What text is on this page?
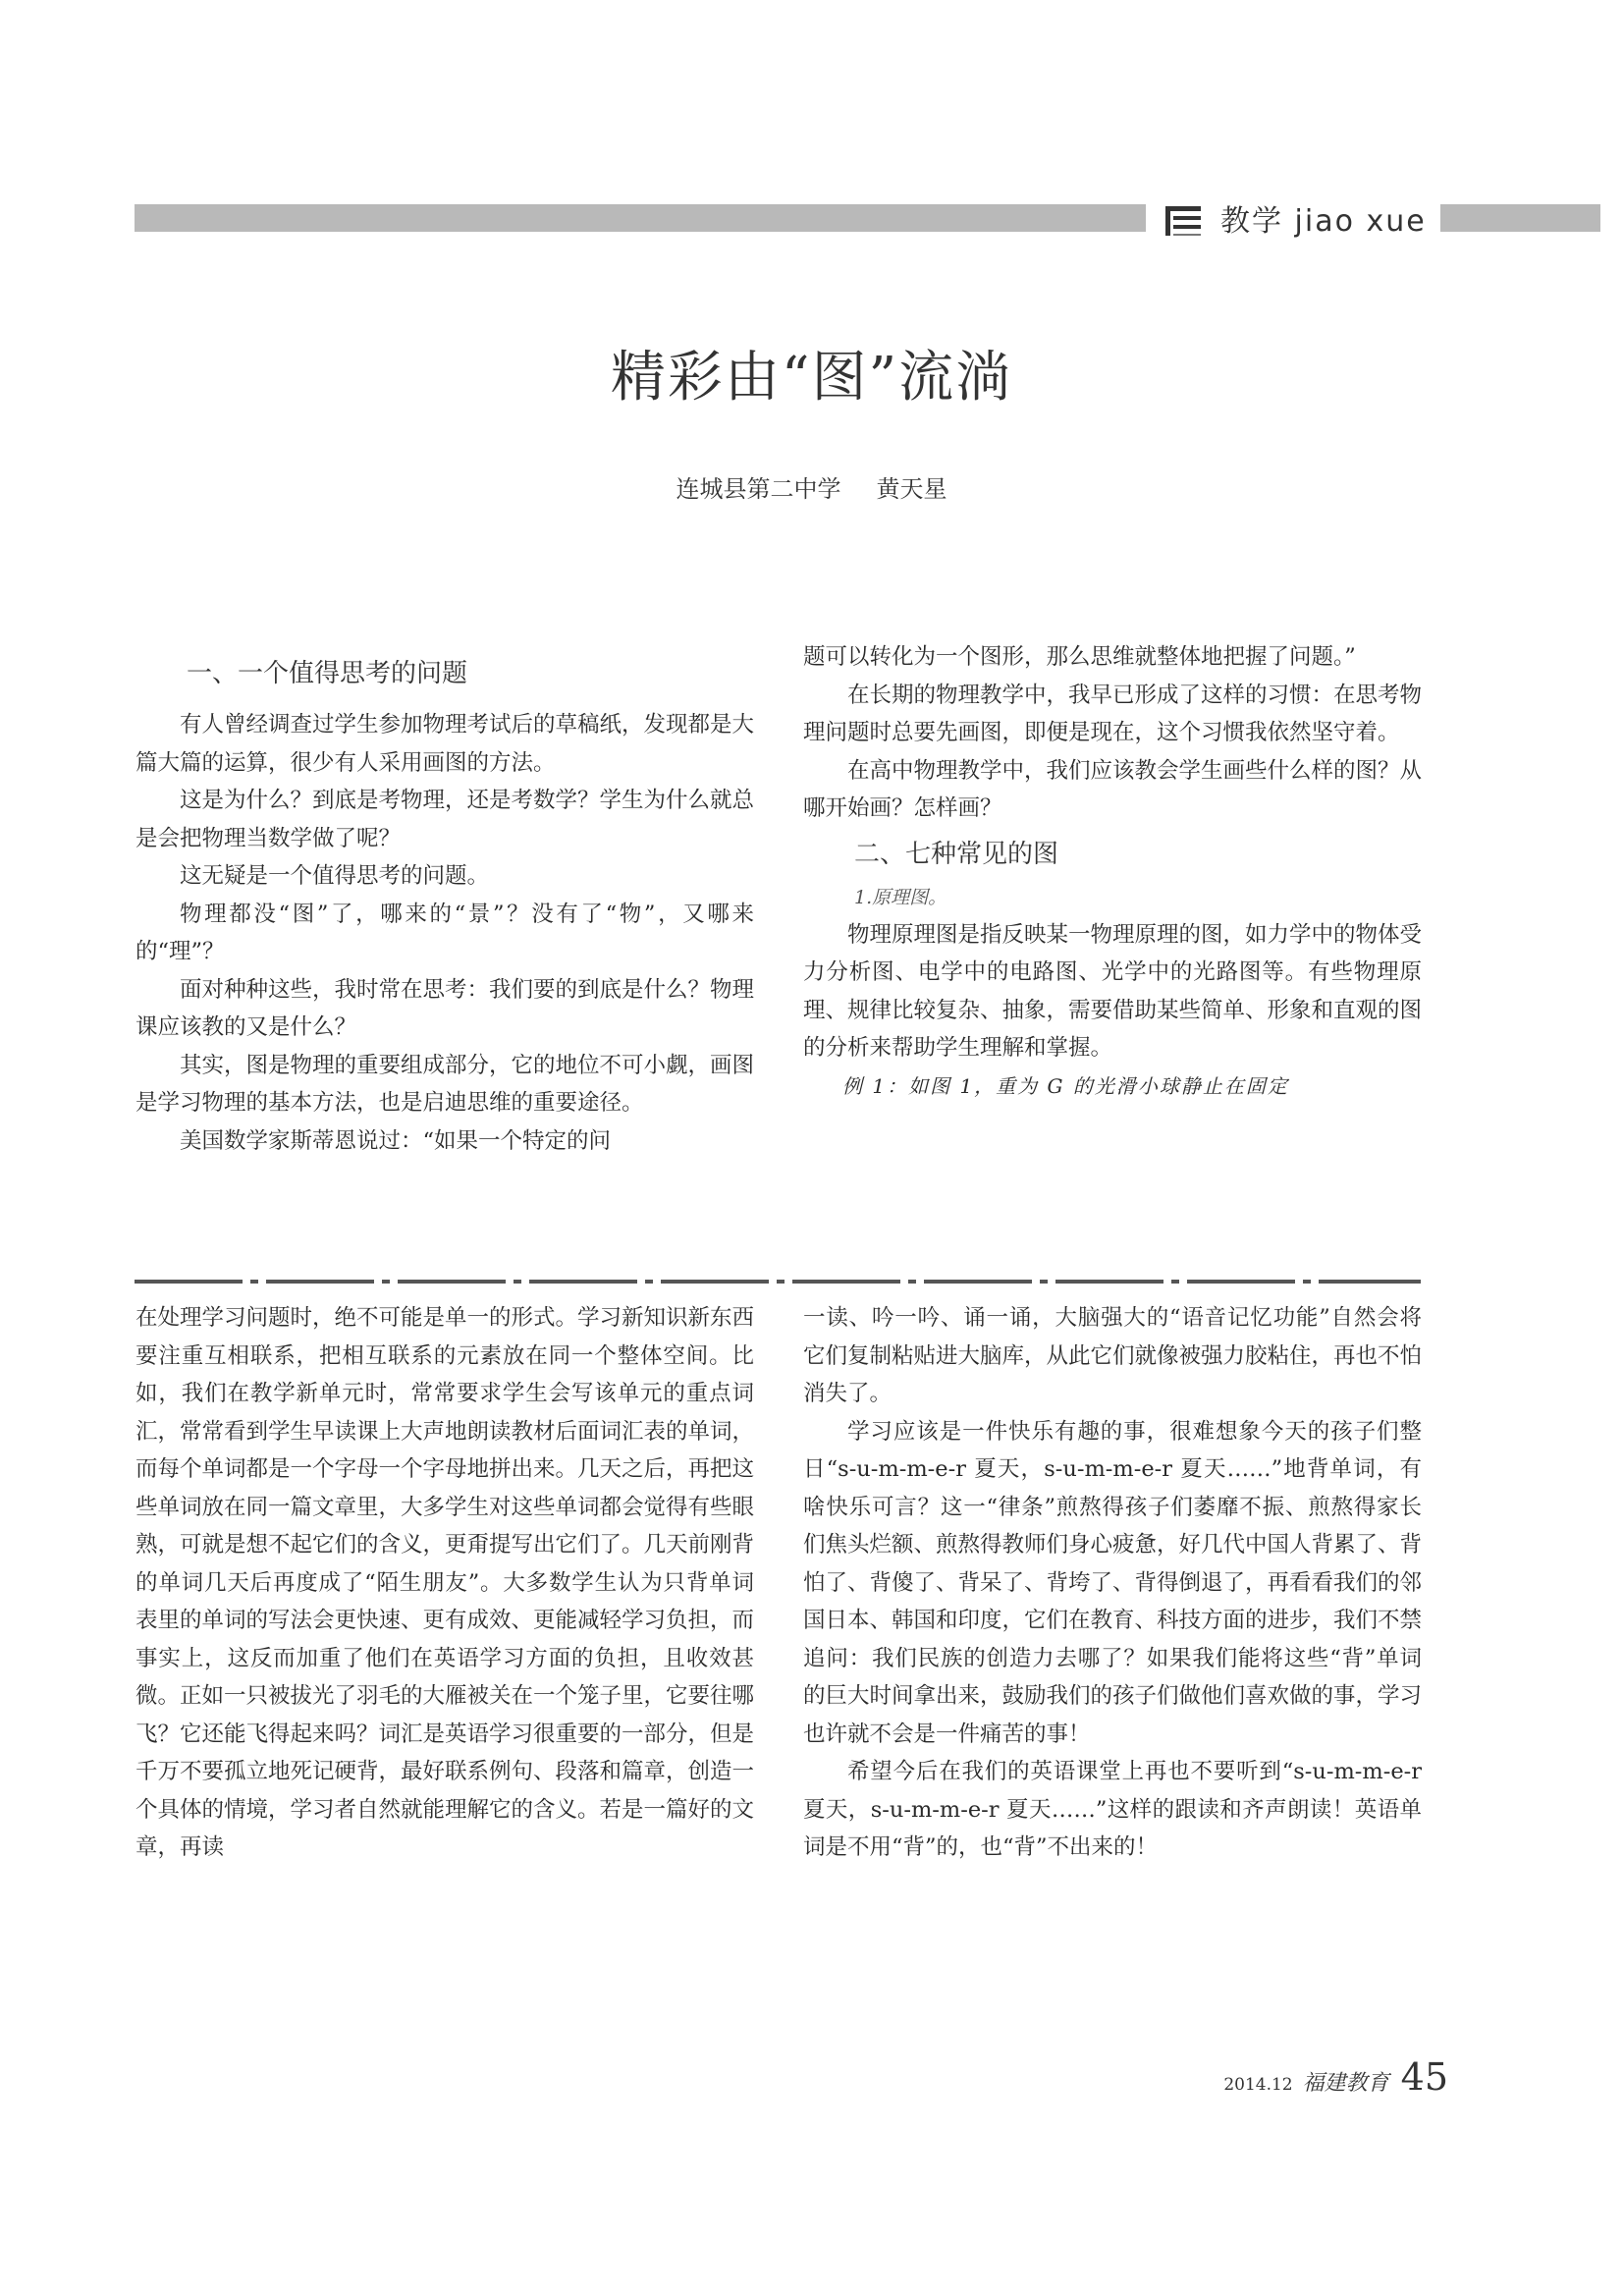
教学 jiao xue
精彩由“图”流淌
连城县第二中学 黄天星
一、一个值得思考的问题

有人曾经调查过学生参加物理考试后的草稿纸，发现都是大篇大篇的运算，很少有人采用画图的方法。

这是为什么？到底是考物理，还是考数学？学生为什么就总是会把物理当数学做了呢？

这无疑是一个值得思考的问题。

物理都没“图”了，哪来的“景”？没有了“物”，又哪来的“理”？

面对种种这些，我时常在思考：我们要的到底是什么？物理课应该教的又是什么？

其实，图是物理的重要组成部分，它的地位不可小觑，画图是学习物理的基本方法，也是启迪思维的重要途径。

美国数学家斯蒂恩说过：“如果一个特定的问

题可以转化为一个图形，那么思维就整体地把握了问题。”

在长期的物理教学中，我早已形成了这样的习惯：在思考物理问题时总要先画图，即便是现在，这个习惯我依然坚守着。

在高中物理教学中，我们应该教会学生画些什么样的图？从哪开始画？怎样画？

二、七种常见的图
1.原理图。

物理原理图是指反映某一物理原理的图，如力学中的物体受力分析图、电学中的电路图、光学中的光路图等。有些物理原理、规律比较复杂、抽象，需要借助某些简单、形象和直观的图的分析来帮助学生理解和掌握。

例 1：如图 1，重为 G 的光滑小球静止在固定

在处理学习问题时，绝不可能是单一的形式。学习新知识新东西要注重互相联系，把相互联系的元素放在同一个整体空间。比如，我们在教学新单元时，常常要求学生会写该单元的重点词汇，常常看到学生早读课上大声地朗读教材后面词汇表的单词，而每个单词都是一个字母一个字母地拼出来。几天之后，再把这些单词放在同一篇文章里，大多学生对这些单词都会觉得有些眼熟，可就是想不起它们的含义，更甭提写出它们了。几天前刚背的单词几天后再度成了“陌生朋友”。大多数学生认为只背单词表里的单词的写法会更快速、更有成效、更能减轻学习负担，而事实上，这反而加重了他们在英语学习方面的负担，且收效甚微。正如一只被拔光了羽毛的大雁被关在一个笼子里，它要往哪飞？它还能飞得起来吗？词汇是英语学习很重要的一部分，但是千万不要孤立地死记硬背，最好联系例句、段落和篇章，创造一个具体的情境，学习者自然就能理解它的含义。若是一篇好的文章，再读

一读、吟一吟、诵一诵，大脑强大的“语音记忆功能”自然会将它们复制粘贴进大脑库，从此它们就像被强力胶粘住，再也不怕消失了。

学习应该是一件快乐有趣的事，很难想象今天的孩子们整日“s-u-m-m-e-r 夏天，s-u-m-m-e-r 夏天……”地背单词，有啥快乐可言？这一“律条”煎熬得孩子们萎靡不振、煎熬得家长们焦头烂额、煎熬得教师们身心疲惫，好几代中国人背累了、背怕了、背傻了、背呆了、背垮了、背得倒退了，再看看我们的邻国日本、韩国和印度，它们在教育、科技方面的进步，我们不禁追问：我们民族的创造力去哪了？如果我们能将这些“背”单词的巨大时间拿出来，鼓励我们的孩子们做他们喜欢做的事，学习也许就不会是一件痛苦的事！

希望今后在我们的英语课堂上再也不要听到“s-u-m-m-e-r 夏天，s-u-m-m-e-r 夏天……”这样的跟读和齐声朗读！英语单词是不用“背”的，也“背”不出来的！

2014.12 福建教育 45
